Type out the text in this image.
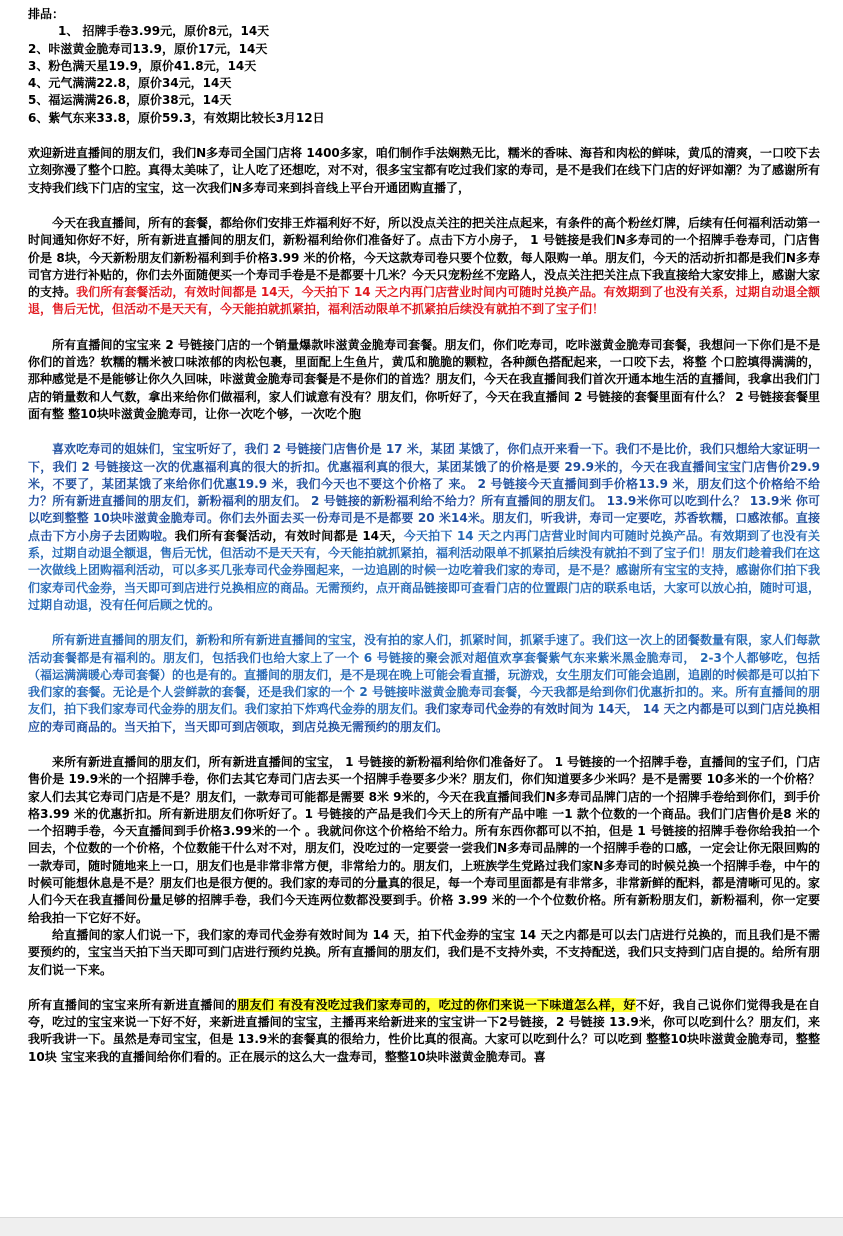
排品：
1、 招牌手卷3.99元，原价8元，14天
2、咔滋黄金脆寿司13.9，原价17元，14天
3、粉色满天星19.9，原价41.8元，14天
4、元气满满22.8，原价34元，14天
5、福运满满26.8，原价38元，14天
6、紫气东来33.8，原价59.3，有效期比较长3月12日

欢迎新进直播间的朋友们，我们N多寿司全国门店将 1400多家，咱们制作手法娴熟无比，糯米的香味、海苔和肉松的鲜味，黄瓜的清爽，一口咬下去立刻弥漫了整个口腔。真得太美味了，让人吃了还想吃，对不对，很多宝宝都有吃过我们家的寿司，是不是我们在线下门店的好评如潮？为了感谢所有支持我们线下门店的宝宝，这一次我们N多寿司来到抖音线上平台开通团购直播了，

今天在我直播间，所有的套餐，都给你们安排王炸福利好不好，所以没点关注的把关注点起来，有条件的高个粉丝灯牌，后续有任何福利活动第一时间通知你好不好，所有新进直播间的朋友们，新粉福利给你们准备好了。点击下方小房子， 1 号链接是我们N多寿司的一个招牌手卷寿司，门店售价是 8块，今天新粉朋友们新粉福利到手价格3.99 米的价格，今天这款寿司卷只要个位数，每人限购一单。朋友们，今天的活动折扣都是我们N多寿司官方进行补贴的，你们去外面随便买一个寿司手卷是不是都要十几米？今天只宠粉丝不宠路人，没点关注把关注点下我直接给大家安排上，感谢大家的支持。我们所有套餐活动，有效时间都是 14天，今天拍下 14 天之内再门店营业时间内可随时兑换产品。有效期到了也没有关系，过期自动退全额退，售后无忧，但活动不是天天有，今天能拍就抓紧拍，福利活动限单不抓紧拍后续没有就拍不到了宝子们！

所有直播间的宝宝来 2 号链接门店的一个销量爆款咔滋黄金脆寿司套餐。朋友们，你们吃寿司，吃咔滋黄金脆寿司套餐，我想问一下你们是不是你们的首选？软糯的糯米被口味浓郁的肉松包裹，里面配上生鱼片，黄瓜和脆脆的颗粒，各种颜色搭配起来，一口咬下去，将整 个口腔填得满满的，那种感觉是不是能够让你久久回味，咔滋黄金脆寿司套餐是不是你们的首选？朋友们，今天在我直播间我们首次开通本地生活的直播间，我拿出我们门店的销量数和人气数，拿出来给你们做福利，家人们诚意有没有？朋友们，你听好了，今天在我直播间 2 号链接的套餐里面有什么？ 2 号链接套餐里面有整 整10块咔滋黄金脆寿司，让你一次吃个够，一次吃个胞

喜欢吃寿司的姐妹们，宝宝听好了，我们 2 号链接门店售价是 17 米，某团 某饿了，你们点开来看一下。我们不是比价，我们只想给大家证明一下，我们 2 号链接这一次的优惠福利真的很大的折扣。优惠福利真的很大，某团某饿了的价格是要 29.9米的，今天在我直播间宝宝门店售价29.9 米，不要了，某团某饿了来给你们优惠19.9 米，我们今天也不要这个价格了 来。 2 号链接今天直播间到手价格13.9 米，朋友们这个价格给不给力？所有新进直播间的朋友们，新粉福利的朋友们。 2 号链接的新粉福利给不给力？所有直播间的朋友们。 13.9米你可以吃到什么？ 13.9米 你可以吃到整整 10块咔滋黄金脆寿司。你们去外面去买一份寿司是不是都要 20 米14米。朋友们，听我讲，寿司一定要吃，苏香软糯，口感浓郁。直接点击下方小房子去团购啦。我们所有套餐活动，有效时间都是 14天，今天拍下 14 天之内再门店营业时间内可随时兑换产品。有效期到了也没有关系，过期自动退全额退，售后无忧，但活动不是天天有，今天能拍就抓紧拍，福利活动限单不抓紧拍后续没有就拍不到了宝子们！朋友们趁着我们在这一次做线上团购福利活动，可以多买几张寿司代金券囤起来，一边追剧的时候一边吃着我们家的寿司，是不是？感谢所有宝宝的支持，感谢你们拍下我们家寿司代金券，当天即可到店进行兑换相应的商品。无需预约，点开商品链接即可查看门店的位置跟门店的联系电话，大家可以放心拍，随时可退，过期自动退，没有任何后顾之忧的。

所有新进直播间的朋友们，新粉和所有新进直播间的宝宝，没有拍的家人们，抓紧时间，抓紧手速了。我们这一次上的团餐数量有限，家人们每款活动套餐都是有福利的。朋友们，包括我们也给大家上了一个 6 号链接的聚会派对超值欢享套餐紫气东来紫米黑金脆寿司， 2-3个人都够吃，包括（福运满满暖心寿司套餐）的也是有的。直播间的朋友们，是不是现在晚上可能会看直播，玩游戏，女生朋友们可能会追剧，追剧的时候都是可以拍下我们家的套餐。无论是个人尝鲜款的套餐，还是我们家的一个 2 号链接咔滋黄金脆寿司套餐，今天我都是给到你们优惠折扣的。来。所有直播间的朋友们，拍下我们家寿司代金券的朋友们。我们家拍下炸鸡代金券的朋友们。我们家寿司代金券的有效时间为 14天， 14 天之内都是可以到门店兑换相应的寿司商品的。当天拍下，当天即可到店领取，到店兑换无需预约的朋友们。

来所有新进直播间的朋友们，所有新进直播间的宝宝， 1 号链接的新粉福利给你们准备好了。 1 号链接的一个招牌手卷，直播间的宝子们，门店售价是 19.9米的一个招牌手卷，你们去其它寿司门店去买一个招牌手卷要多少米？朋友们，你们知道要多少米吗？是不是需要 10多米的一个价格？家人们去其它寿司门店是不是？朋友们，一款寿司可能都是需要 8米 9米的，今天在我直播间我们N多寿司品牌门店的一个招牌手卷给到你们，到手价格3.99 米的优惠折扣。所有新进朋友们你听好了。1 号链接的产品是我们今天上的所有产品中唯 一1 款个位数的一个商品。我们门店售价是8 米的一个招聘手卷，今天直播间到手价格3.99米的一个 。我就问你这个价格给不给力。所有东西你都可以不拍，但是 1 号链接的招牌手卷你给我拍一个回去，个位数的一个价格，个位数能干什么对不对，朋友们，没吃过的一定要尝一尝我们N多寿司品牌的一个招牌手卷的口感，一定会让你无限回购的一款寿司，随时随地来上一口，朋友们也是非常非常方便，非常给力的。朋友们，上班族学生党路过我们家N多寿司的时候兑换一个招牌手卷，中午的时候可能想休息是不是？朋友们也是很方便的。我们家的寿司的分量真的很足，每一个寿司里面都是有非常多，非常新鲜的配料，都是清晰可见的。家人们今天在我直播间份量足够的招牌手卷，我们今天连两位数都没要到手。价格 3.99 米的一个个位数价格。所有新粉朋友们，新粉福利，你一定要给我拍一下它好不好。

给直播间的家人们说一下，我们家的寿司代金券有效时间为 14 天，拍下代金券的宝宝 14 天之内都是可以去门店进行兑换的，而且我们是不需要预约的，宝宝当天拍下当天即可到门店进行预约兑换。所有直播间的朋友们，我们是不支持外卖，不支持配送，我们只支持到门店自提的。给所有朋友们说一下来。

所有直播间的宝宝来所有新进直播间的朋友们 有没有没吃过我们家寿司的，吃过的你们来说一下味道怎么样，好不好，我自己说你们觉得我是在自夸，吃过的宝宝来说一下好不好，来新进直播间的宝宝，主播再来给新进来的宝宝讲一下2号链接，2 号链接 13.9米，你可以吃到什么？朋友们，来我听我讲一下。虽然是寿司宝宝，但是 13.9米的套餐真的很给力，性价比真的很高。大家可以吃到什么？可以吃到 整整10块咔滋黄金脆寿司，整整10块 宝宝来我的直播间给你们看的。正在展示的这么大一盘寿司，整整10块咔滋黄金脆寿司。喜
